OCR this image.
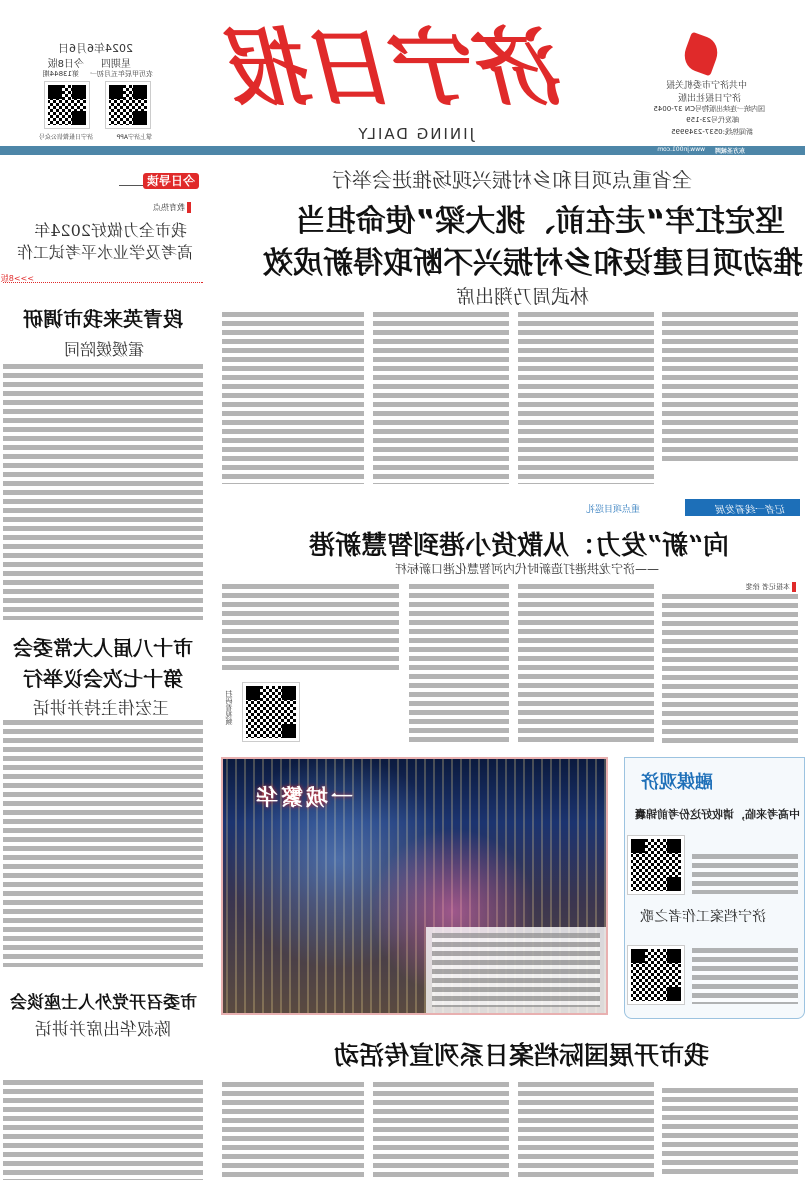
中共济宁市委机关报
济宁日报社出版
国内统一连续出版物号CN 37-0045
邮发代号23-159
新闻热线:0537-2349995
济宁日报
JINING DAILY
2024年6月6日
星期四
今日8版
农历甲辰年五月初一
第13844期
掌上济宁APP
济宁日报微信公众号
东方圣城网
www.jn001.com
全省重点项目和乡村振兴现场推进会举行
坚定扛牢“走在前、挑大梁”使命担当
推动项目建设和乡村振兴不断取得新成效
林武周乃翔出席
今日导读
教育热点
我市全力做好2024年
高考及学业水平考试工作
>>>8版
段青英来我市调研
霍媛媛陪同
市十八届人大常委会
第十七次会议举行
王宏伟主持并讲话
市委召开党外人士座谈会
陈叔华出席并讲话
记者一线看发展
重点项目巡礼
向“新”发力：从散货小港到智慧新港
——济宁龙拱港打造新时代内河智慧化港口新标杆
本报记者 徐斐
扫码看视频
一城繁华
融媒观济
中高考来临，请收好这份考前锦囊
济宁档案工作者之歌
我市开展国际档案日系列宣传活动
